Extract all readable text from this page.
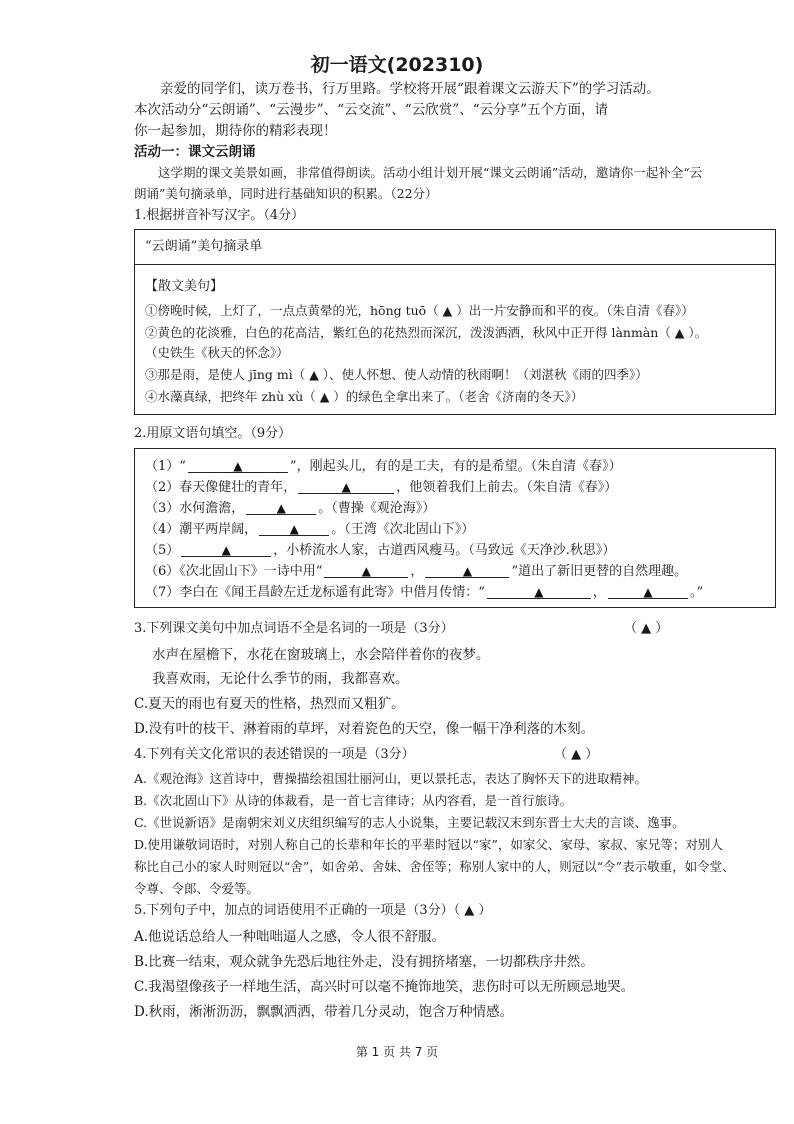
初一语文(202310)
亲爱的同学们，读万卷书，行万里路。学校将开展“跟着课文云游天下”的学习活动。
本次活动分“云朗诵”、“云漫步”、“云交流”、“云欣赏”、“云分享”五个方面，请
你一起参加，期待你的精彩表现！
活动一：课文云朗诵
这学期的课文美景如画，非常值得朗读。活动小组计划开展“课文云朗诵”活动，邀请你一起补全“云
朗诵”美句摘录单，同时进行基础知识的积累。（22分）
1.根据拼音补写汉字。（4分）
“云朗诵”美句摘录单
【散文美句】
①傍晚时候，上灯了，一点点黄晕的光，hōng tuō（ ▲ ）出一片安静而和平的夜。（朱自清《春》）
②黄色的花淡雅，白色的花高洁，紫红色的花热烈而深沉，泼泼洒洒，秋风中正开得 lànmàn（ ▲ ）。
（史铁生《秋天的怀念》）
③那是雨，是使人 jīng mì（ ▲ ）、使人怀想、使人动情的秋雨啊！（刘湛秋《雨的四季》）
④水藻真绿，把终年 zhù xù（ ▲ ）的绿色全拿出来了。（老舍《济南的冬天》）
2.用原文语句填空。（9分）
（1）“	▲	”，刚起头儿，有的是工夫，有的是希望。（朱自清《春》）
（2）春天像健壮的青年，	▲	，他领着我们上前去。（朱自清《春》）
（3）水何澹澹，	▲ 。（曹操《观沧海》）
（4）潮平两岸阔，	▲ 。（王湾《次北固山下》）
（5）	▲	，小桥流水人家，古道西风瘦马。（马致远《天净沙.秋思》）
（6）《次北固山下》一诗中用“	▲	，	▲	”道出了新旧更替的自然理趣。
（7）李白在《闻王昌龄左迁龙标遥有此寄》中借月传情：“	▲	，	▲	。”
3.下列课文美句中加点词语不全是名词的一项是（3分）	（ ▲ ）
水声在屋檐下，水花在窗玻璃上，水会陪伴着你的夜梦。
我喜欢雨，无论什么季节的雨，我都喜欢。
C.夏天的雨也有夏天的性格，热烈而又粗犷。
D.没有叶的枝干、淋着雨的草坪，对着瓷色的天空，像一幅干净利落的木刻。
4.下列有关文化常识的表述错误的一项是（3分）	（ ▲ ）
A.《观沧海》这首诗中，曹操描绘祖国壮丽河山，更以景托志，表达了胸怀天下的进取精神。
B.《次北固山下》从诗的体裁看，是一首七言律诗；从内容看，是一首行旅诗。
C.《世说新语》是南朝宋刘义庆组织编写的志人小说集，主要记载汉末到东晋士大夫的言谈、逸事。
D.使用谦敬词语时，对别人称自己的长辈和年长的平辈时冠以“家”，如家父、家母、家叔、家兄等；对别人
称比自己小的家人时则冠以“舍”，如舍弟、舍妹、舍侄等；称别人家中的人，则冠以“令”表示敬重，如令堂、
令尊、令郎、令爱等。
5.下列句子中，加点的词语使用不正确的一项是（3分）（ ▲ ）
A.他说话总给人一种咄咄逼人之感，令人很不舒服。
B.比赛一结束，观众就争先恐后地往外走，没有拥挤堵塞，一切都秩序井然。
C.我渴望像孩子一样地生活，高兴时可以毫不掩饰地笑，悲伤时可以无所顾忌地哭。
D.秋雨，淅淅沥沥，飘飘洒洒，带着几分灵动，饱含万种情感。
第 1 页 共 7 页
